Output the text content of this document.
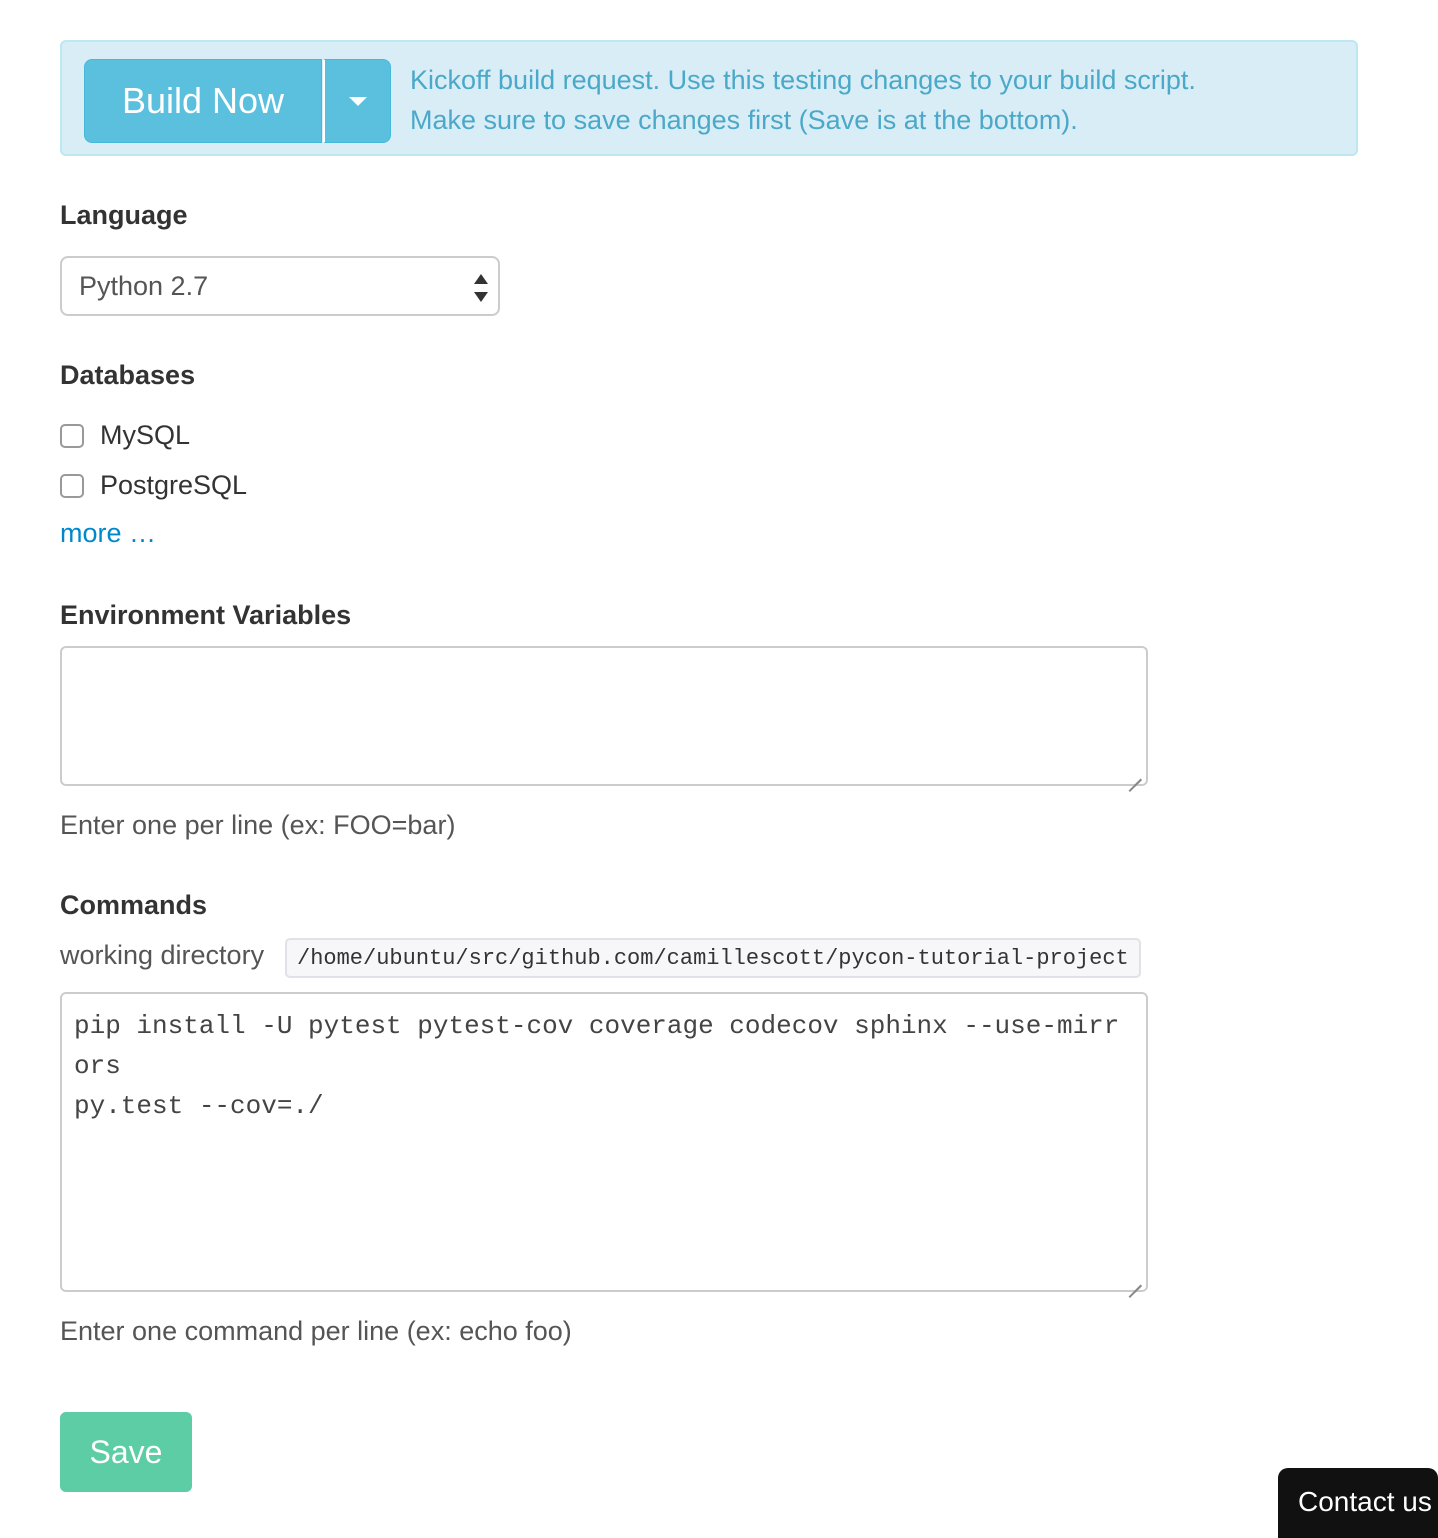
Build Now	Kickoff build request. Use this testing changes to your build script.
Make sure to save changes first (Save is at the bottom).
Language
Python 2.7
Databases
MySQL
PostgreSQL
more …
Environment Variables
Enter one per line (ex: FOO=bar)
Commands
working directory	/home/ubuntu/src/github.com/camillescott/pycon-tutorial-project
pip install -U pytest pytest-cov coverage codecov sphinx --use-mirrors
py.test --cov=./
Enter one command per line (ex: echo foo)
Save
Contact us
